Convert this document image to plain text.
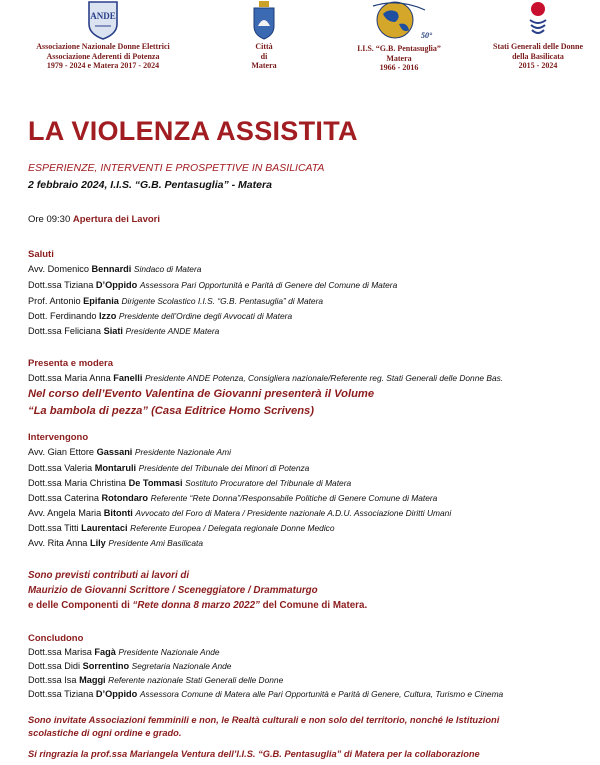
ANDE
Associazione Nazionale Donne Elettrici
Associazione Aderenti di Potenza
1979 - 2024 e Matera 2017 - 2024
Città
di
Matera
50°
I.I.S. “G.B. Pentasuglia”
Matera
1966 - 2016
Stati Generali delle Donne
della Basilicata
2015 - 2024
LA VIOLENZA ASSISTITA
ESPERIENZE, INTERVENTI E PROSPETTIVE IN BASILICATA
2 febbraio 2024, I.I.S. “G.B. Pentasuglia” - Matera
Ore 09:30 Apertura dei Lavori
Saluti
Avv. Domenico Bennardi Sindaco di Matera
Dott.ssa Tiziana D’Oppido Assessora Pari Opportunità e Parità di Genere del Comune di Matera
Prof. Antonio Epifania Dirigente Scolastico I.I.S. “G.B. Pentasuglia” di Matera
Dott. Ferdinando Izzo Presidente dell’Ordine degli Avvocati di Matera
Dott.ssa Feliciana Siati Presidente ANDE Matera
Presenta e modera
Dott.ssa Maria Anna Fanelli Presidente ANDE Potenza, Consigliera nazionale/Referente reg. Stati Generali delle Donne Bas.
Nel corso dell’Evento Valentina de Giovanni presenterà il Volume
“La bambola di pezza” (Casa Editrice Homo Scrivens)
Intervengono
Avv. Gian Ettore Gassani Presidente Nazionale Ami
Dott.ssa Valeria Montaruli Presidente del Tribunale dei Minori di Potenza
Dott.ssa Maria Christina De Tommasi Sostituto Procuratore del Tribunale di Matera
Dott.ssa Caterina Rotondaro Referente “Rete Donna”/Responsabile Politiche di Genere Comune di Matera
Avv. Angela Maria Bitonti Avvocato del Foro di Matera / Presidente nazionale A.D.U. Associazione Diritti Umani
Dott.ssa Titti Laurentaci Referente Europea / Delegata regionale Donne Medico
Avv. Rita Anna Lily Presidente Ami Basilicata
Sono previsti contributi ai lavori di
Maurizio de Giovanni Scrittore / Sceneggiatore / Drammaturgo
e delle Componenti di “Rete donna 8 marzo 2022” del Comune di Matera.
Concludono
Dott.ssa Marisa Fagà Presidente Nazionale Ande
Dott.ssa Didi Sorrentino Segretaria Nazionale Ande
Dott.ssa Isa Maggi Referente nazionale Stati Generali delle Donne
Dott.ssa Tiziana D’Oppido Assessora Comune di Matera alle Pari Opportunità e Parità di Genere, Cultura, Turismo e Cinema
Sono invitate Associazioni femminili e non, le Realtà culturali e non solo del territorio, nonché le Istituzioni
scolastiche di ogni ordine e grado.
Si ringrazia la prof.ssa Mariangela Ventura dell’I.I.S. “G.B. Pentasuglia” di Matera per la collaborazione
